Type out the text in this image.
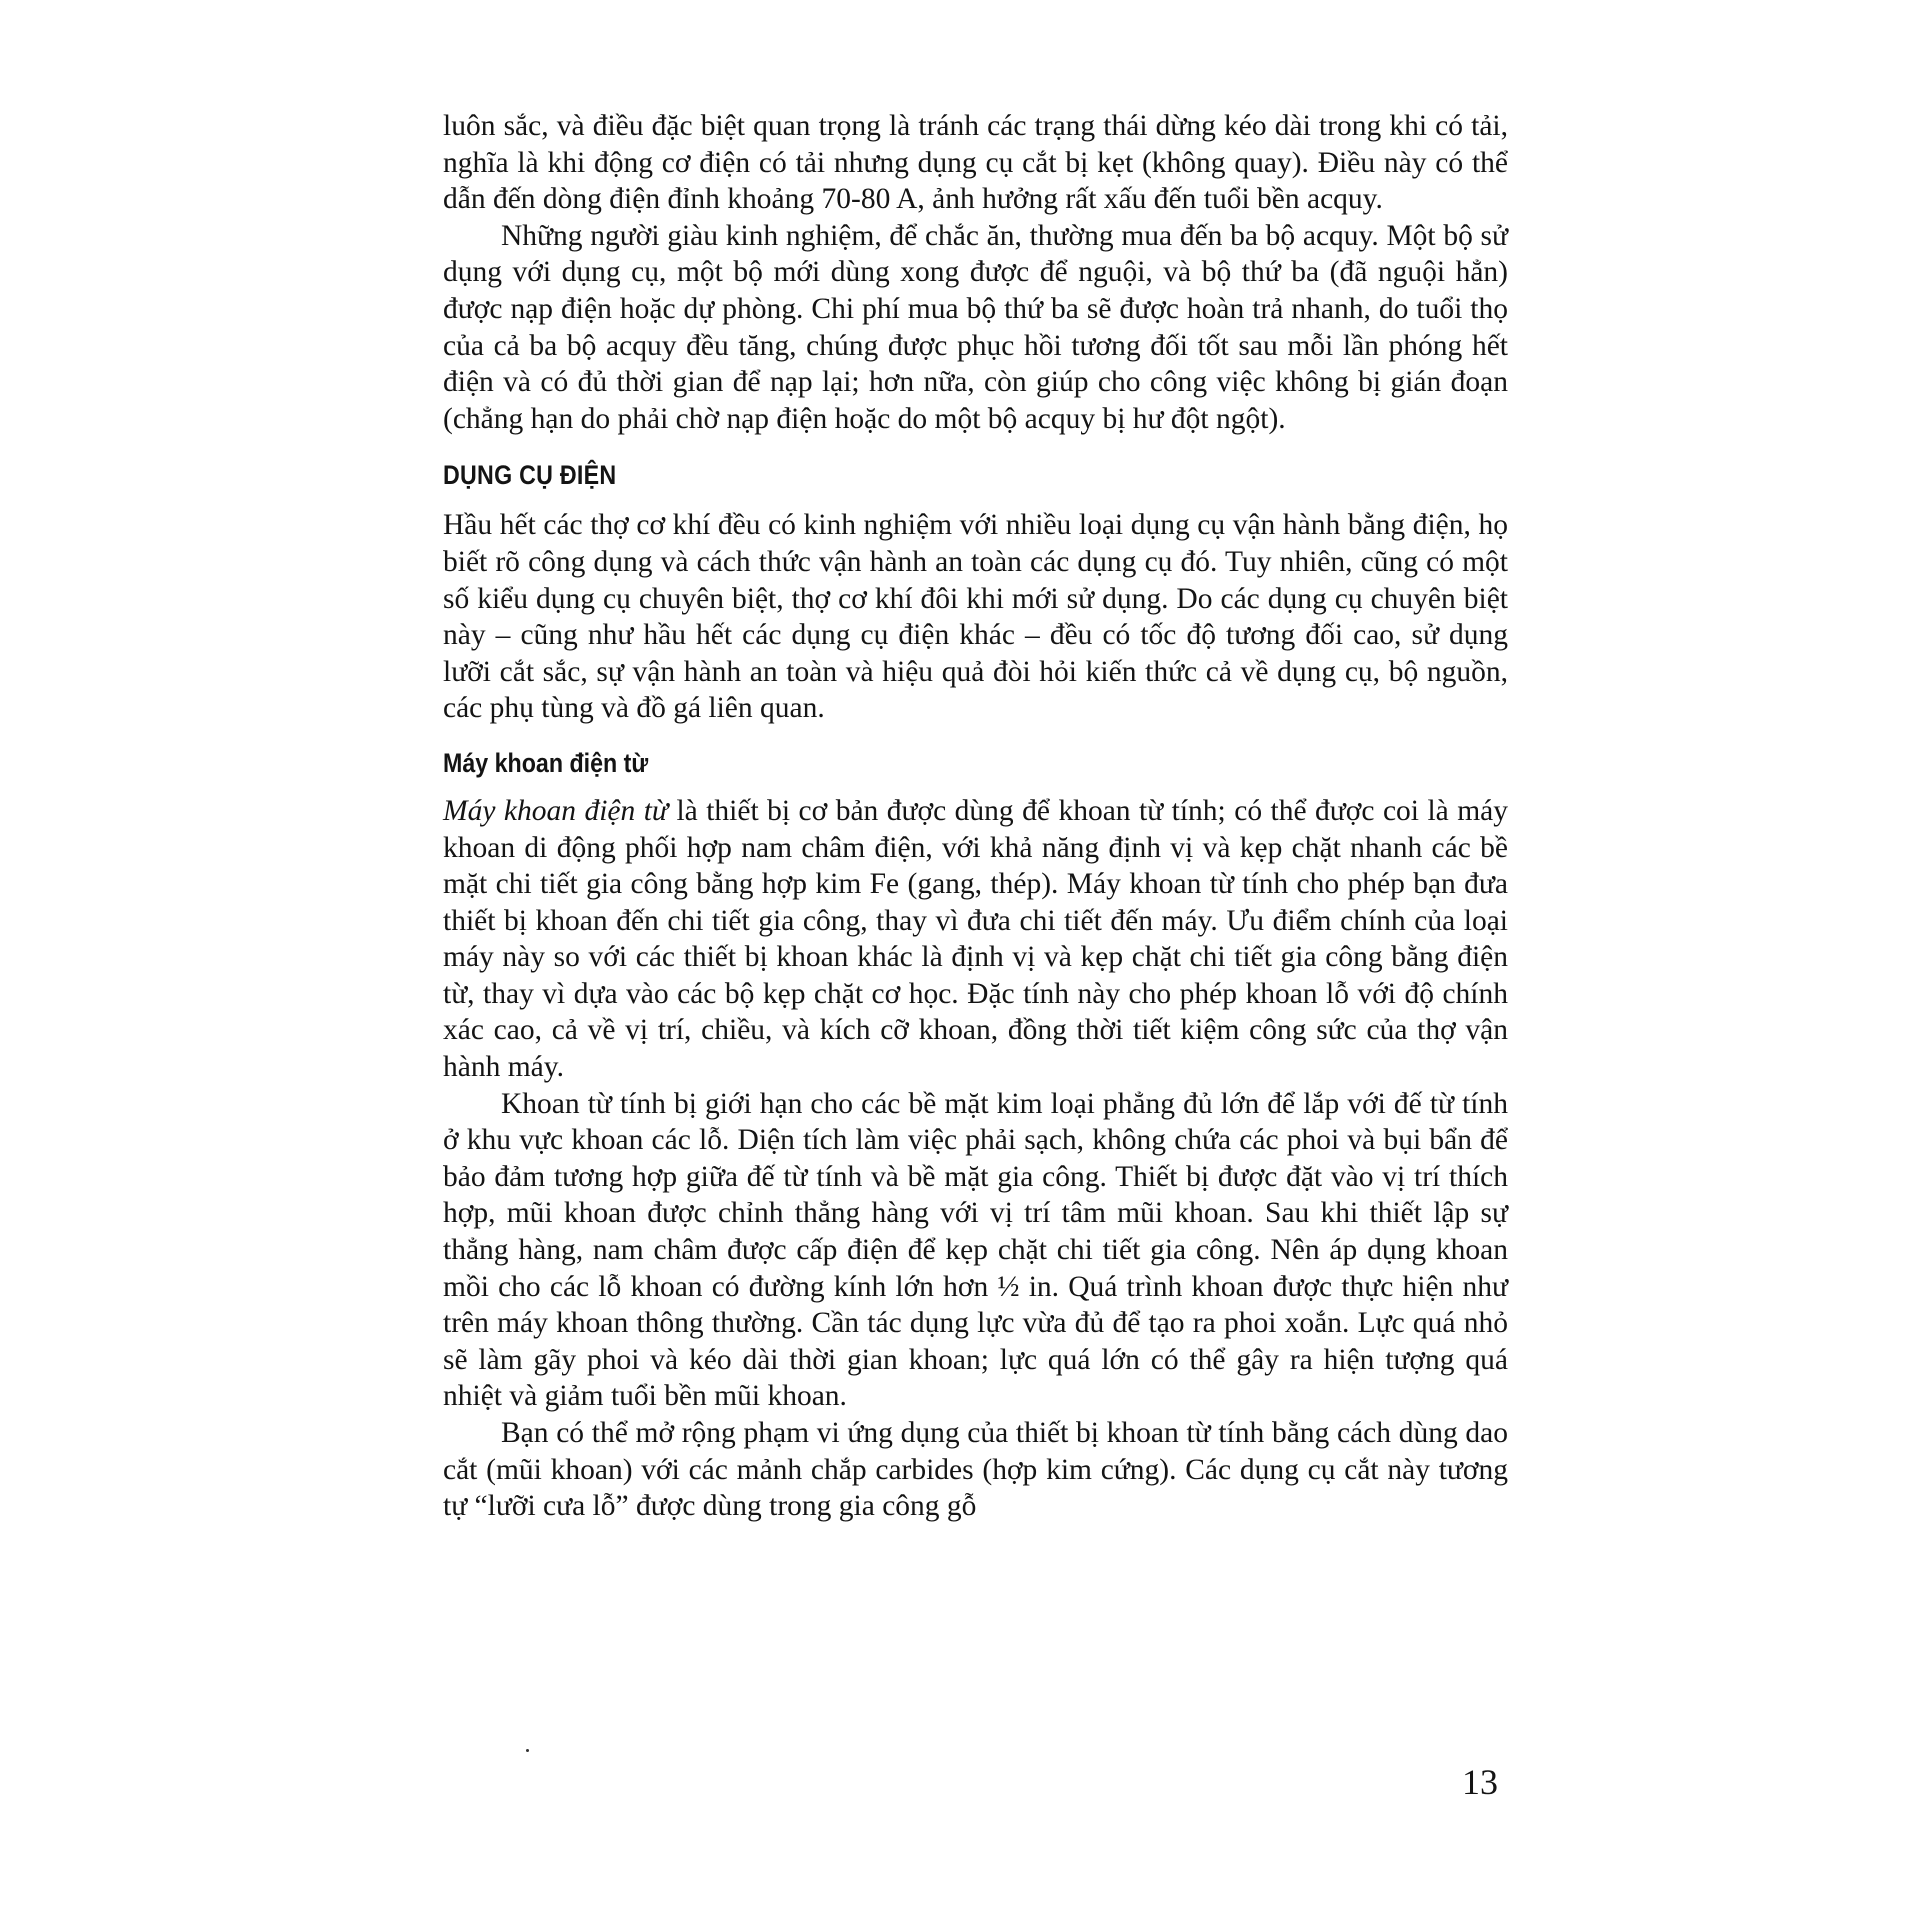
luôn sắc, và điều đặc biệt quan trọng là tránh các trạng thái dừng kéo dài trong khi có tải, nghĩa là khi động cơ điện có tải nhưng dụng cụ cắt bị kẹt (không quay). Điều này có thể dẫn đến dòng điện đỉnh khoảng 70-80 A, ảnh hưởng rất xấu đến tuổi bền acquy.

Những người giàu kinh nghiệm, để chắc ăn, thường mua đến ba bộ acquy. Một bộ sử dụng với dụng cụ, một bộ mới dùng xong được để nguội, và bộ thứ ba (đã nguội hẳn) được nạp điện hoặc dự phòng. Chi phí mua bộ thứ ba sẽ được hoàn trả nhanh, do tuổi thọ của cả ba bộ acquy đều tăng, chúng được phục hồi tương đối tốt sau mỗi lần phóng hết điện và có đủ thời gian để nạp lại; hơn nữa, còn giúp cho công việc không bị gián đoạn (chẳng hạn do phải chờ nạp điện hoặc do một bộ acquy bị hư đột ngột).

DỤNG CỤ ĐIỆN

Hầu hết các thợ cơ khí đều có kinh nghiệm với nhiều loại dụng cụ vận hành bằng điện, họ biết rõ công dụng và cách thức vận hành an toàn các dụng cụ đó. Tuy nhiên, cũng có một số kiểu dụng cụ chuyên biệt, thợ cơ khí đôi khi mới sử dụng. Do các dụng cụ chuyên biệt này – cũng như hầu hết các dụng cụ điện khác – đều có tốc độ tương đối cao, sử dụng lưỡi cắt sắc, sự vận hành an toàn và hiệu quả đòi hỏi kiến thức cả về dụng cụ, bộ nguồn, các phụ tùng và đồ gá liên quan.

Máy khoan điện từ

Máy khoan điện từ là thiết bị cơ bản được dùng để khoan từ tính; có thể được coi là máy khoan di động phối hợp nam châm điện, với khả năng định vị và kẹp chặt nhanh các bề mặt chi tiết gia công bằng hợp kim Fe (gang, thép). Máy khoan từ tính cho phép bạn đưa thiết bị khoan đến chi tiết gia công, thay vì đưa chi tiết đến máy. Ưu điểm chính của loại máy này so với các thiết bị khoan khác là định vị và kẹp chặt chi tiết gia công bằng điện từ, thay vì dựa vào các bộ kẹp chặt cơ học. Đặc tính này cho phép khoan lỗ với độ chính xác cao, cả về vị trí, chiều, và kích cỡ khoan, đồng thời tiết kiệm công sức của thợ vận hành máy.

Khoan từ tính bị giới hạn cho các bề mặt kim loại phẳng đủ lớn để lắp với đế từ tính ở khu vực khoan các lỗ. Diện tích làm việc phải sạch, không chứa các phoi và bụi bẩn để bảo đảm tương hợp giữa đế từ tính và bề mặt gia công. Thiết bị được đặt vào vị trí thích hợp, mũi khoan được chỉnh thẳng hàng với vị trí tâm mũi khoan. Sau khi thiết lập sự thẳng hàng, nam châm được cấp điện để kẹp chặt chi tiết gia công. Nên áp dụng khoan mồi cho các lỗ khoan có đường kính lớn hơn ½ in. Quá trình khoan được thực hiện như trên máy khoan thông thường. Cần tác dụng lực vừa đủ để tạo ra phoi xoắn. Lực quá nhỏ sẽ làm gãy phoi và kéo dài thời gian khoan; lực quá lớn có thể gây ra hiện tượng quá nhiệt và giảm tuổi bền mũi khoan.

Bạn có thể mở rộng phạm vi ứng dụng của thiết bị khoan từ tính bằng cách dùng dao cắt (mũi khoan) với các mảnh chắp carbides (hợp kim cứng). Các dụng cụ cắt này tương tự “lưỡi cưa lỗ” được dùng trong gia công gỗ

13
